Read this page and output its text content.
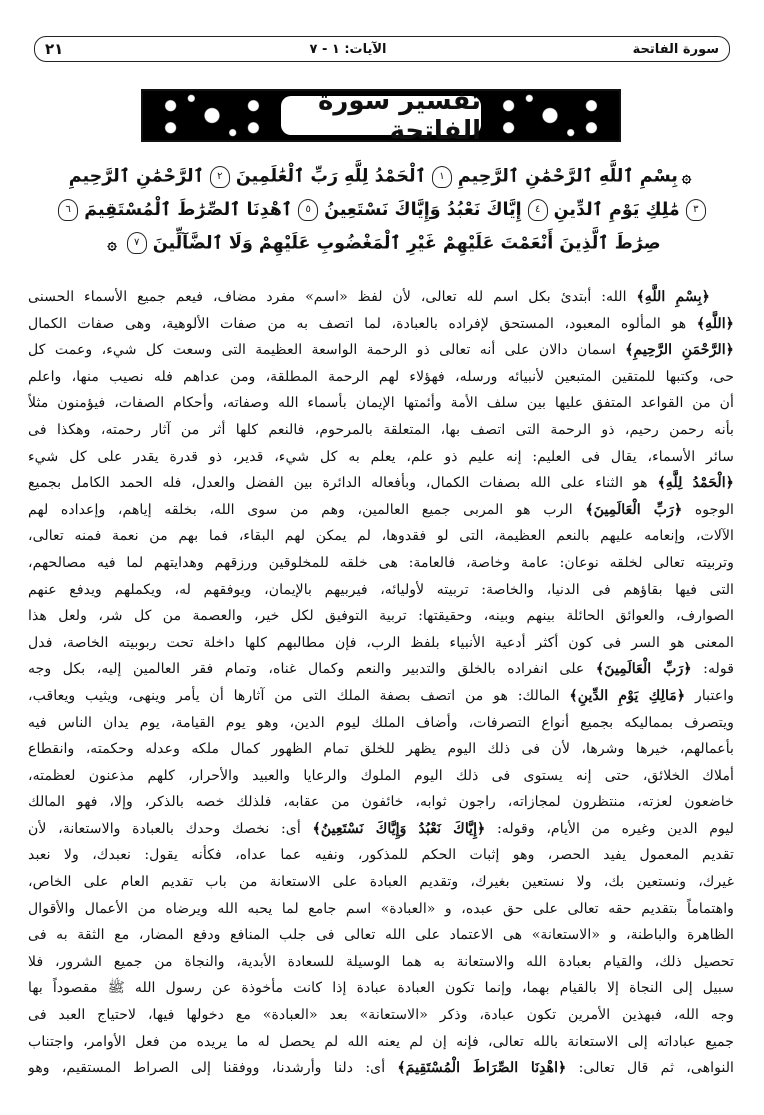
سورة الفاتحة
الآيات: ١ - ٧
٢١
تفسير سورة الفاتحة
۞بِسْمِ ٱللَّهِ ٱلرَّحْمَٰنِ ٱلرَّحِيمِ١ٱلْحَمْدُ لِلَّهِ رَبِّ ٱلْعَٰلَمِينَ٢ٱلرَّحْمَٰنِ ٱلرَّحِيمِ
٣مَٰلِكِ يَوْمِ ٱلدِّينِ٤إِيَّاكَ نَعْبُدُ وَإِيَّاكَ نَسْتَعِينُ٥ٱهْدِنَا ٱلصِّرَٰطَ ٱلْمُسْتَقِيمَ٦
صِرَٰطَ ٱلَّذِينَ أَنْعَمْتَ عَلَيْهِمْ غَيْرِ ٱلْمَغْضُوبِ عَلَيْهِمْ وَلَا ٱلضَّآلِّينَ٧۞
﴿بِسْمِ اللَّهِ﴾ الله: أبتدئ بكل اسم لله تعالى، لأن لفظ «اسم» مفرد مضاف، فيعم جميع الأسماء الحسنى
﴿اللَّهِ﴾ هو المألوه المعبود، المستحق لإفراده بالعبادة، لما اتصف به من صفات الألوهية، وهى صفات الكمال
﴿الرَّحْمَنِ الرَّحِيمِ﴾ اسمان دالان على أنه تعالى ذو الرحمة الواسعة العظيمة التى وسعت كل شيء، وعمت كل
حى، وكتبها للمتقين المتبعين لأنبيائه ورسله، فهؤلاء لهم الرحمة المطلقة، ومن عداهم فله نصيب منها، واعلم
أن من القواعد المتفق عليها بين سلف الأمة وأئمتها الإيمان بأسماء الله وصفاته، وأحكام الصفات، فيؤمنون مثلاً
بأنه رحمن رحيم، ذو الرحمة التى اتصف بها، المتعلقة بالمرحوم، فالنعم كلها أثر من آثار رحمته، وهكذا فى
سائر الأسماء، يقال فى العليم: إنه عليم ذو علم، يعلم به كل شيء، قدير، ذو قدرة يقدر على كل شيء
﴿الْحَمْدُ لِلَّهِ﴾ هو الثناء على الله بصفات الكمال، وبأفعاله الدائرة بين الفضل والعدل، فله الحمد الكامل بجميع
الوجوه ﴿رَبِّ الْعَالَمِينَ﴾ الرب هو المربى جميع العالمين، وهم من سوى الله، بخلقه إياهم، وإعداده لهم
الآلات، وإنعامه عليهم بالنعم العظيمة، التى لو فقدوها، لم يمكن لهم البقاء، فما بهم من نعمة فمنه تعالى،
وتربيته تعالى لخلقه نوعان: عامة وخاصة، فالعامة: هى خلقه للمخلوقين ورزقهم وهدايتهم لما فيه مصالحهم،
التى فيها بقاؤهم فى الدنيا، والخاصة: تربيته لأوليائه، فيربيهم بالإيمان، ويوفقهم له، ويكملهم ويدفع عنهم
الصوارف، والعوائق الحائلة بينهم وبينه، وحقيقتها: تربية التوفيق لكل خير، والعصمة من كل شر، ولعل هذا
المعنى هو السر فى كون أكثر أدعية الأنبياء بلفظ الرب، فإن مطالبهم كلها داخلة تحت ربوبيته الخاصة، فدل
قوله: ﴿رَبِّ الْعَالَمِينَ﴾ على انفراده بالخلق والتدبير والنعم وكمال غناه، وتمام فقر العالمين إليه، بكل وجه
واعتبار ﴿مَالِكِ يَوْمِ الدِّينِ﴾ المالك: هو من اتصف بصفة الملك التى من آثارها أن يأمر وينهى، ويثيب ويعاقب،
ويتصرف بمماليكه بجميع أنواع التصرفات، وأضاف الملك ليوم الدين، وهو يوم القيامة، يوم يدان الناس فيه
بأعمالهم، خيرها وشرها، لأن فى ذلك اليوم يظهر للخلق تمام الظهور كمال ملكه وعدله وحكمته، وانقطاع
أملاك الخلائق، حتى إنه يستوى فى ذلك اليوم الملوك والرعايا والعبيد والأحرار، كلهم مذعنون لعظمته،
خاضعون لعزته، منتظرون لمجازاته، راجون ثوابه، خائفون من عقابه، فلذلك خصه بالذكر، وإلا، فهو المالك
ليوم الدين وغيره من الأيام، وقوله: ﴿إِيَّاكَ نَعْبُدُ وَإِيَّاكَ نَسْتَعِينُ﴾ أى: نخصك وحدك بالعبادة والاستعانة، لأن
تقديم المعمول يفيد الحصر، وهو إثبات الحكم للمذكور، ونفيه عما عداه، فكأنه يقول: نعبدك، ولا نعبد
غيرك، ونستعين بك، ولا نستعين بغيرك، وتقديم العبادة على الاستعانة من باب تقديم العام على الخاص،
واهتماماً بتقديم حقه تعالى على حق عبده، و «العبادة» اسم جامع لما يحبه الله ويرضاه من الأعمال والأقوال
الظاهرة والباطنة، و «الاستعانة» هى الاعتماد على الله تعالى فى جلب المنافع ودفع المضار، مع الثقة به فى
تحصيل ذلك، والقيام بعبادة الله والاستعانة به هما الوسيلة للسعادة الأبدية، والنجاة من جميع الشرور، فلا
سبيل إلى النجاة إلا بالقيام بهما، وإنما تكون العبادة عبادة إذا كانت مأخوذة عن رسول الله ﷺ مقصوداً بها
وجه الله، فبهذين الأمرين تكون عبادة، وذكر «الاستعانة» بعد «العبادة» مع دخولها فيها، لاحتياج العبد فى
جميع عباداته إلى الاستعانة بالله تعالى، فإنه إن لم يعنه الله لم يحصل له ما يريده من فعل الأوامر، واجتناب
النواهى، ثم قال تعالى: ﴿اهْدِنَا الصِّرَاطَ الْمُسْتَقِيمَ﴾ أى: دلنا وأرشدنا، ووفقنا إلى الصراط المستقيم، وهو
